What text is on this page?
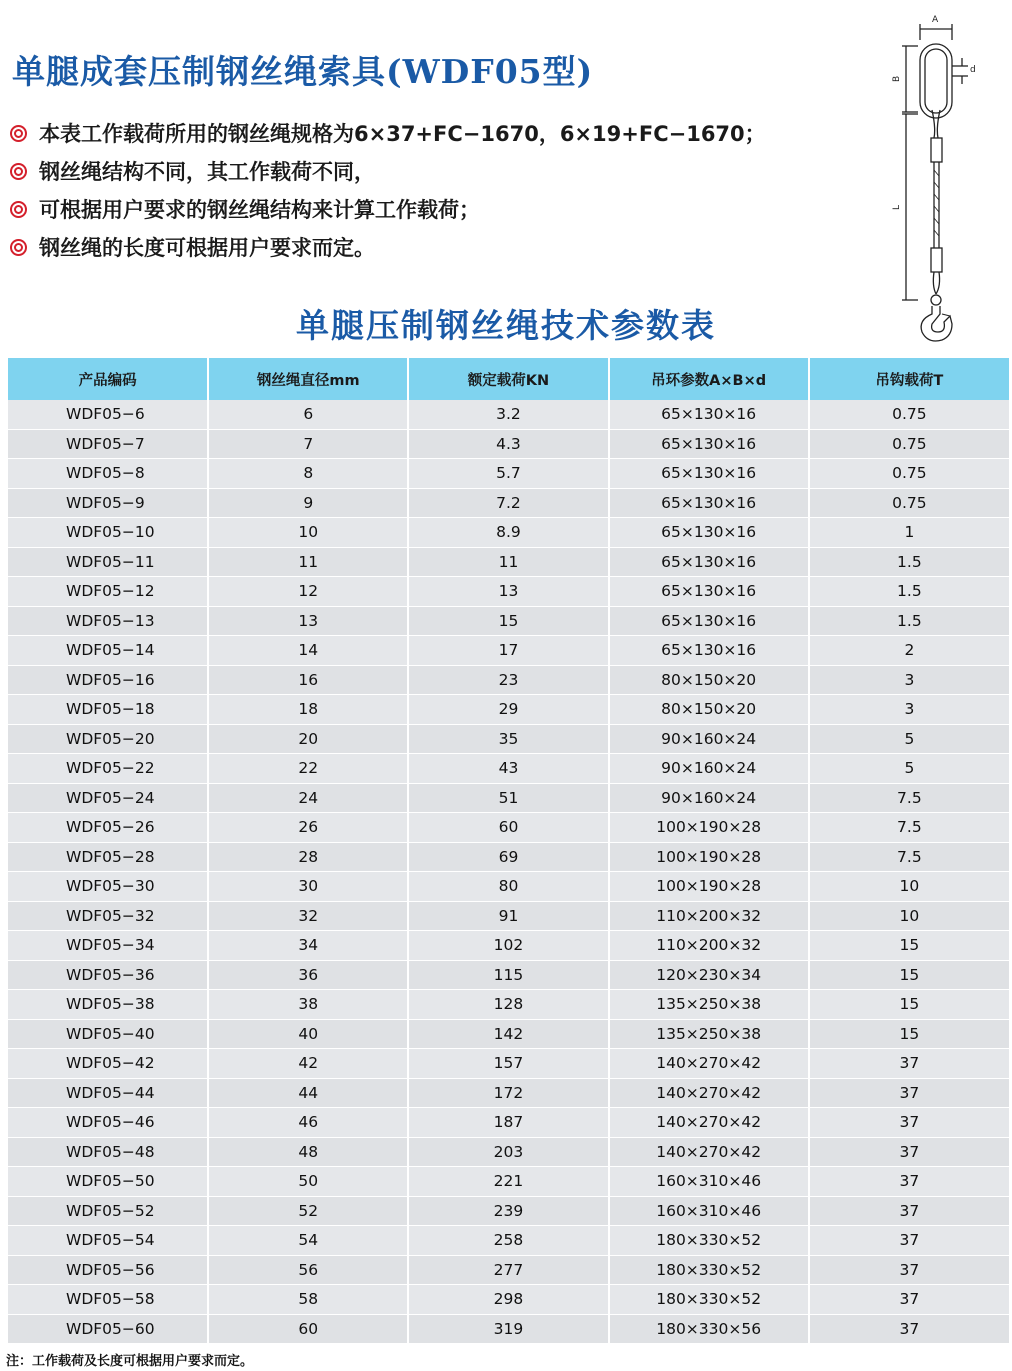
单腿成套压制钢丝绳索具(WDF05型)
本表工作载荷所用的钢丝绳规格为6×37+FC−1670，6×19+FC−1670；
钢丝绳结构不同，其工作载荷不同，
可根据用户要求的钢丝绳结构来计算工作载荷；
钢丝绳的长度可根据用户要求而定。
A
d
B
L
单腿压制钢丝绳技术参数表
产品编码	钢丝绳直径mm	额定载荷KN	吊环参数A×B×d	吊钩载荷T
WDF05−6	6	3.2	65×130×16	0.75
WDF05−7	7	4.3	65×130×16	0.75
WDF05−8	8	5.7	65×130×16	0.75
WDF05−9	9	7.2	65×130×16	0.75
WDF05−10	10	8.9	65×130×16	1
WDF05−11	11	11	65×130×16	1.5
WDF05−12	12	13	65×130×16	1.5
WDF05−13	13	15	65×130×16	1.5
WDF05−14	14	17	65×130×16	2
WDF05−16	16	23	80×150×20	3
WDF05−18	18	29	80×150×20	3
WDF05−20	20	35	90×160×24	5
WDF05−22	22	43	90×160×24	5
WDF05−24	24	51	90×160×24	7.5
WDF05−26	26	60	100×190×28	7.5
WDF05−28	28	69	100×190×28	7.5
WDF05−30	30	80	100×190×28	10
WDF05−32	32	91	110×200×32	10
WDF05−34	34	102	110×200×32	15
WDF05−36	36	115	120×230×34	15
WDF05−38	38	128	135×250×38	15
WDF05−40	40	142	135×250×38	15
WDF05−42	42	157	140×270×42	37
WDF05−44	44	172	140×270×42	37
WDF05−46	46	187	140×270×42	37
WDF05−48	48	203	140×270×42	37
WDF05−50	50	221	160×310×46	37
WDF05−52	52	239	160×310×46	37
WDF05−54	54	258	180×330×52	37
WDF05−56	56	277	180×330×52	37
WDF05−58	58	298	180×330×52	37
WDF05−60	60	319	180×330×56	37
注：工作载荷及长度可根据用户要求而定。
